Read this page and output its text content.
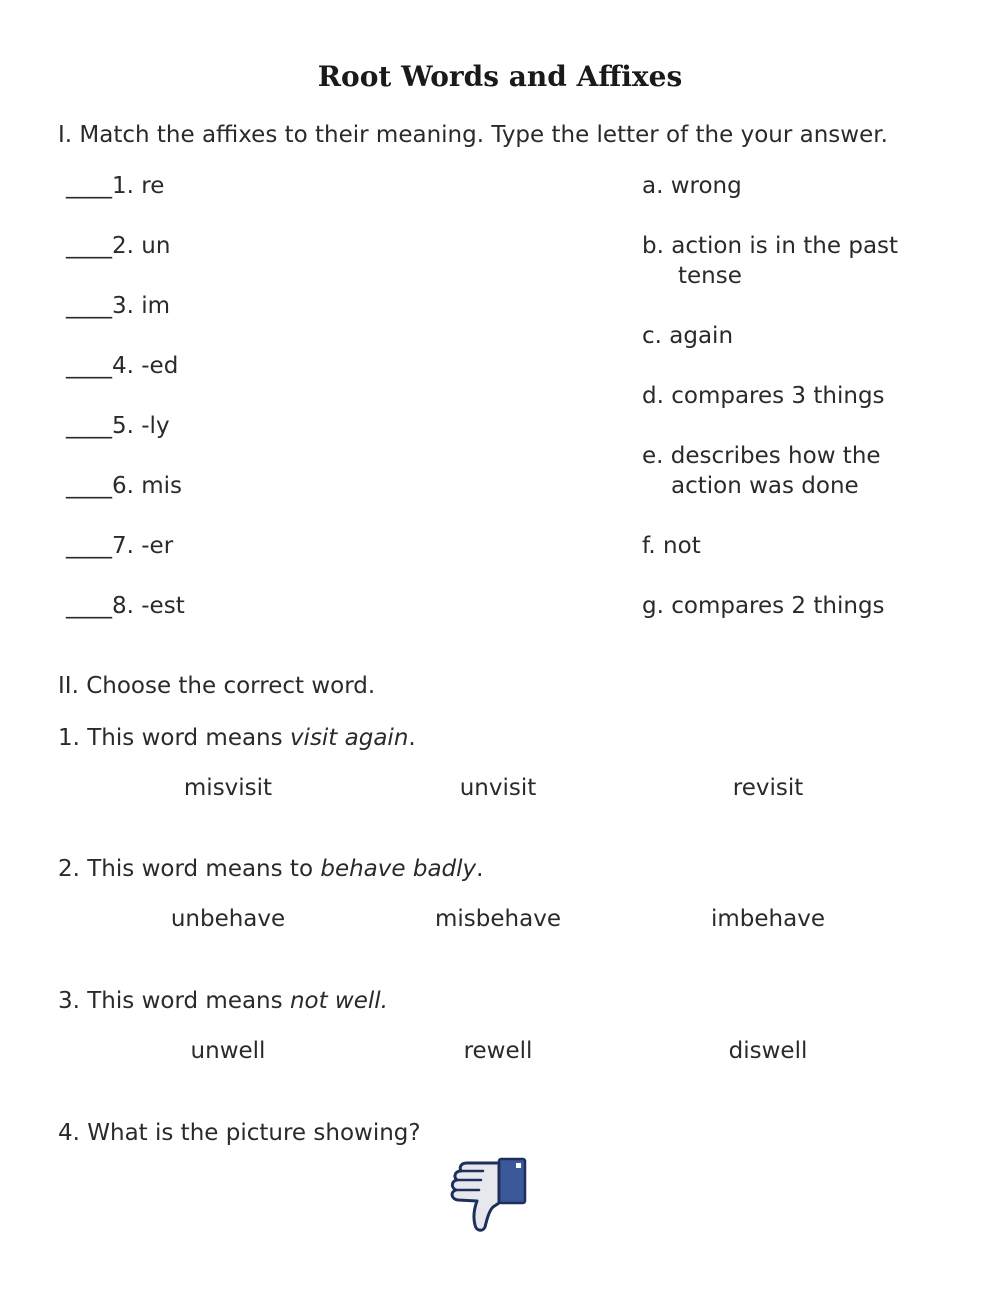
Root Words and Affixes
I. Match the affixes to their meaning. Type the letter of the your answer.
____1. re
____2. un
____3. im
____4. -ed
____5. -ly
____6. mis
____7. -er
____8. -est
a. wrong
b. action is in the past
tense
c. again
d. compares 3 things
e. describes how the
action was done
f. not
g. compares 2 things
II. Choose the correct word.
1. This word means visit again.
misvisit	unvisit	revisit
2. This word means to behave badly.
unbehave	misbehave	imbehave
3. This word means not well.
unwell	rewell	diswell
4. What is the picture showing?
